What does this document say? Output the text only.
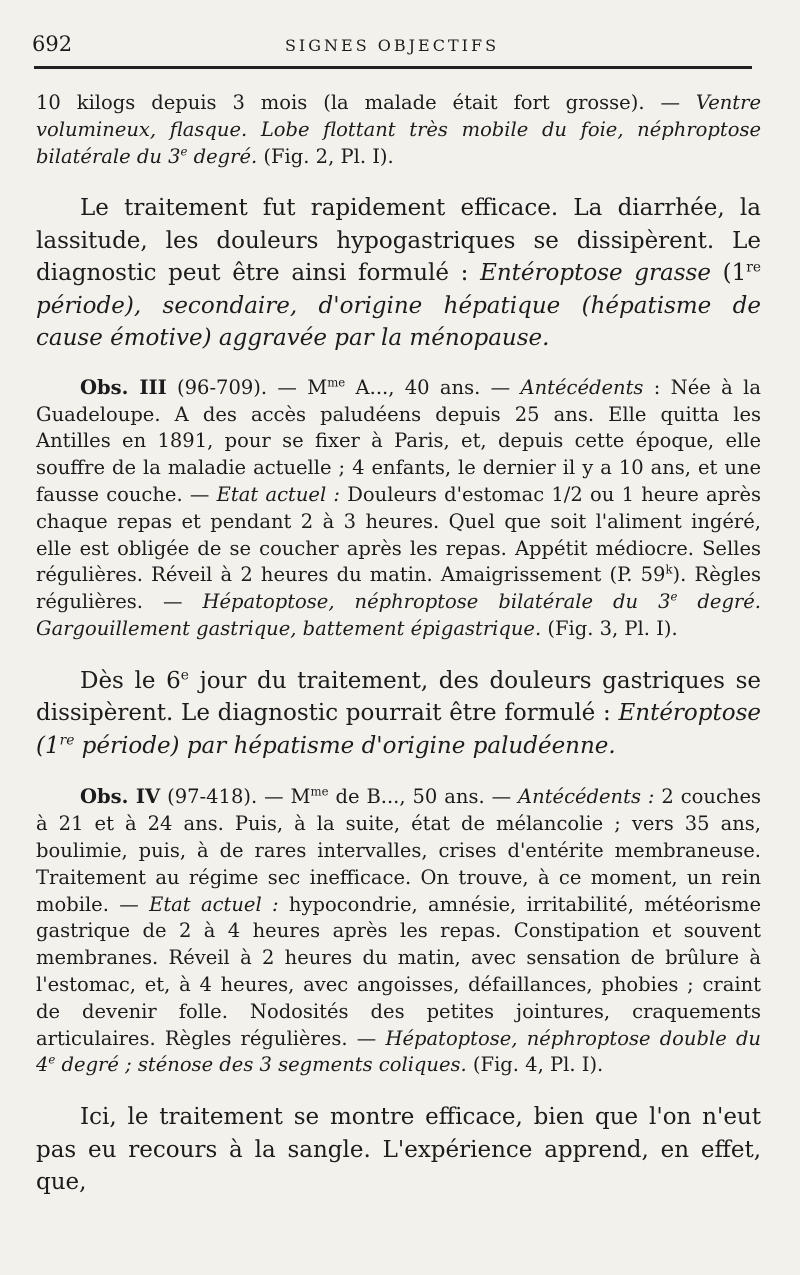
692	SIGNES OBJECTIFS

10 kilogs depuis 3 mois (la malade était fort grosse). — Ventre volumineux, flasque. Lobe flottant très mobile du foie, néphroptose bilatérale du 3e degré. (Fig. 2, Pl. I).

Le traitement fut rapidement efficace. La diarrhée, la lassitude, les douleurs hypogastriques se dissipèrent. Le diagnostic peut être ainsi formulé : Entéroptose grasse (1re période), secondaire, d'origine hépatique (hépatisme de cause émotive) aggravée par la ménopause.

Obs. III (96-709). — $M^{me}$ A..., 40 ans. — Antécédents : Née à la Guadeloupe. A des accès paludéens depuis 25 ans. Elle quitta les Antilles en 1891, pour se fixer à Paris, et, depuis cette époque, elle souffre de la maladie actuelle ; 4 enfants, le dernier il y a 10 ans, et une fausse couche. — Etat actuel : Douleurs d'estomac 1/2 ou 1 heure après chaque repas et pendant 2 à 3 heures. Quel que soit l'aliment ingéré, elle est obligée de se coucher après les repas. Appétit médiocre. Selles régulières. Réveil à 2 heures du matin. Amaigrissement (P. 59$^k$). Règles régulières. — Hépatoptose, néphroptose bilatérale du 3e degré. Gargouillement gastrique, battement épigastrique. (Fig. 3, Pl. I).

Dès le 6e jour du traitement, des douleurs gastriques se dissipèrent. Le diagnostic pourrait être formulé : Entéroptose (1re période) par hépatisme d'origine paludéenne.

Obs. IV (97-418). — $M^{me}$ de B..., 50 ans. — Antécédents : 2 couches à 21 et à 24 ans. Puis, à la suite, état de mélancolie ; vers 35 ans, boulimie, puis, à de rares intervalles, crises d'entérite membraneuse. Traitement au régime sec inefficace. On trouve, à ce moment, un rein mobile. — Etat actuel : hypocondrie, amnésie, irritabilité, météorisme gastrique de 2 à 4 heures après les repas. Constipation et souvent membranes. Réveil à 2 heures du matin, avec sensation de brûlure à l'estomac, et, à 4 heures, avec angoisses, défaillances, phobies ; craint de devenir folle. Nodosités des petites jointures, craquements articulaires. Règles régulières. — Hépatoptose, néphroptose double du 4e degré ; sténose des 3 segments coliques. (Fig. 4, Pl. I).

Ici, le traitement se montre efficace, bien que l'on n'eut pas eu recours à la sangle. L'expérience apprend, en effet, que,
